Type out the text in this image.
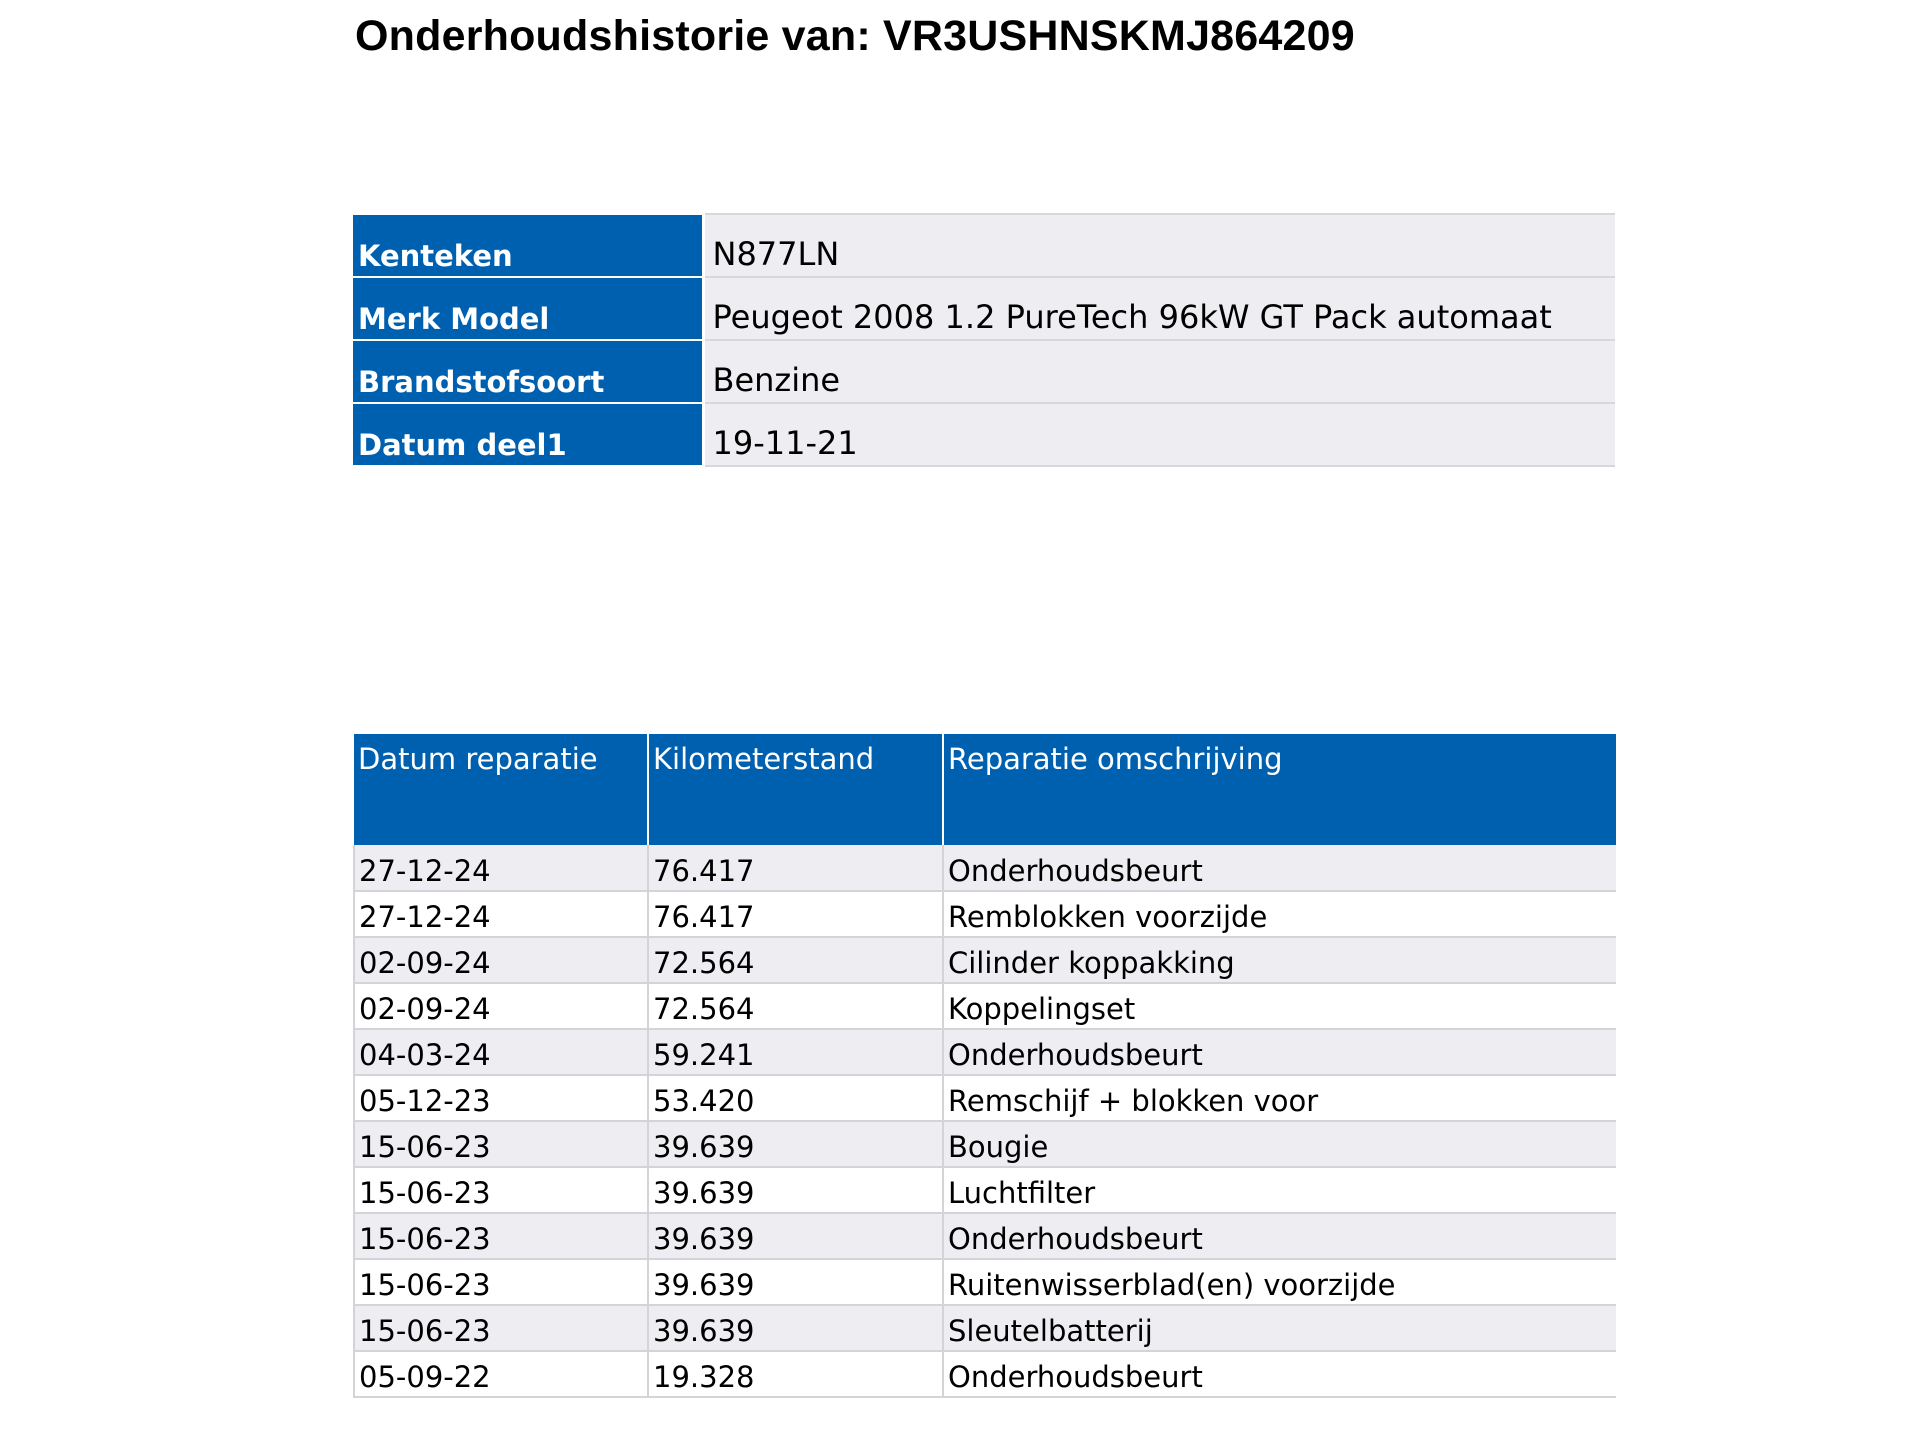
Onderhoudshistorie van: VR3USHNSKMJ864209
Kenteken	N877LN
Merk Model	Peugeot 2008 1.2 PureTech 96kW GT Pack automaat
Brandstofsoort	Benzine
Datum deel1	19-11-21
Datum reparatie	Kilometerstand	Reparatie omschrijving
27-12-24	76.417	Onderhoudsbeurt
27-12-24	76.417	Remblokken voorzijde
02-09-24	72.564	Cilinder koppakking
02-09-24	72.564	Koppelingset
04-03-24	59.241	Onderhoudsbeurt
05-12-23	53.420	Remschijf + blokken voor
15-06-23	39.639	Bougie
15-06-23	39.639	Luchtfilter
15-06-23	39.639	Onderhoudsbeurt
15-06-23	39.639	Ruitenwisserblad(en) voorzijde
15-06-23	39.639	Sleutelbatterij
05-09-22	19.328	Onderhoudsbeurt
